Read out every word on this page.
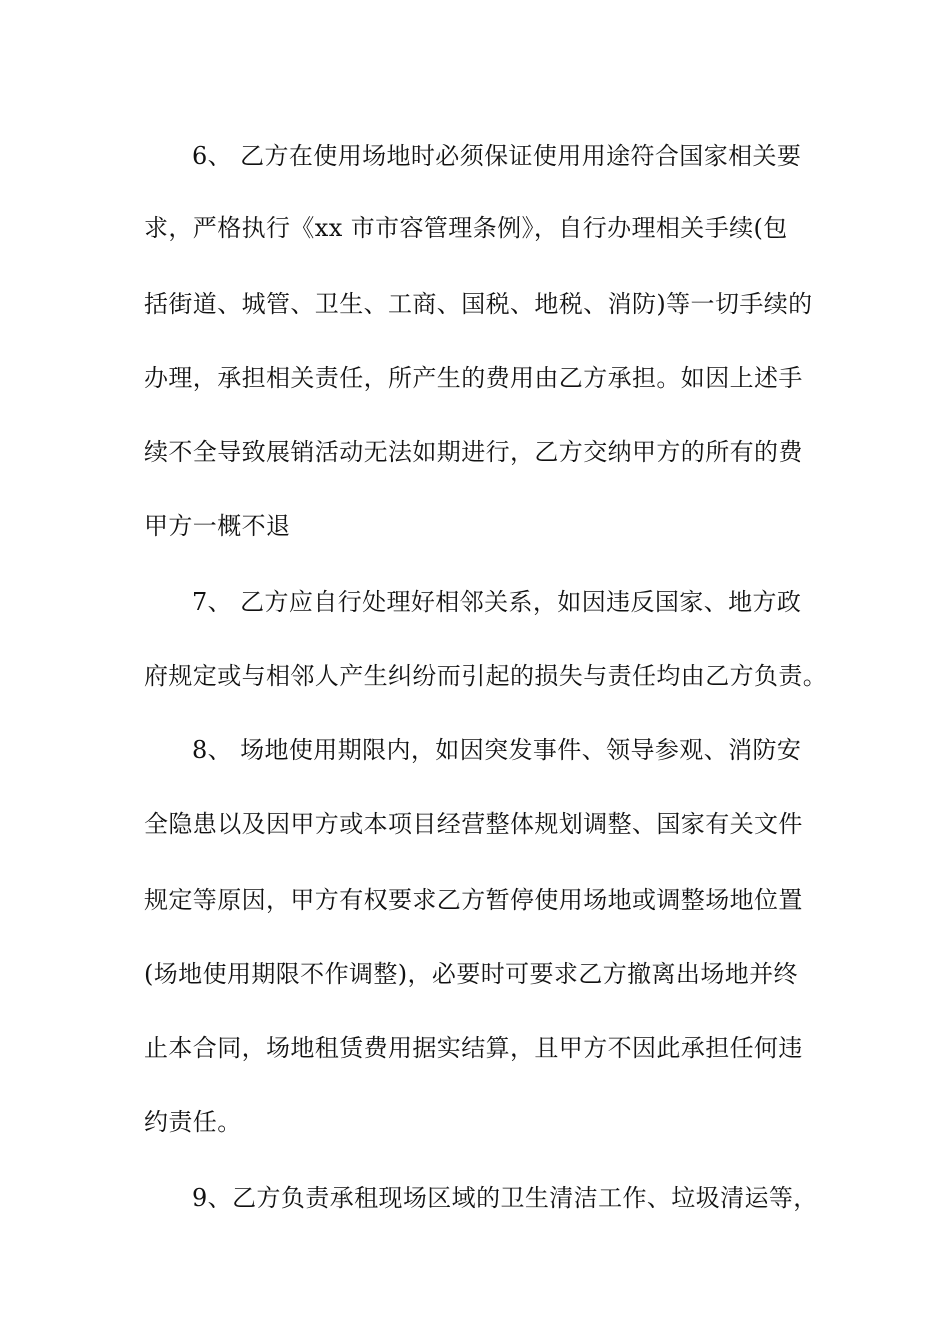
6、 乙方在使用场地时必须保证使用用途符合国家相关要
求，严格执行《xx 市市容管理条例》，自行办理相关手续(包
括街道、城管、卫生、工商、国税、地税、消防)等一切手续的
办理，承担相关责任，所产生的费用由乙方承担。如因上述手
续不全导致展销活动无法如期进行，乙方交纳甲方的所有的费
甲方一概不退
7、 乙方应自行处理好相邻关系，如因违反国家、地方政
府规定或与相邻人产生纠纷而引起的损失与责任均由乙方负责。
8、 场地使用期限内，如因突发事件、领导参观、消防安
全隐患以及因甲方或本项目经营整体规划调整、国家有关文件
规定等原因，甲方有权要求乙方暂停使用场地或调整场地位置
(场地使用期限不作调整)，必要时可要求乙方撤离出场地并终
止本合同，场地租赁费用据实结算，且甲方不因此承担任何违
约责任。
9、乙方负责承租现场区域的卫生清洁工作、垃圾清运等，
